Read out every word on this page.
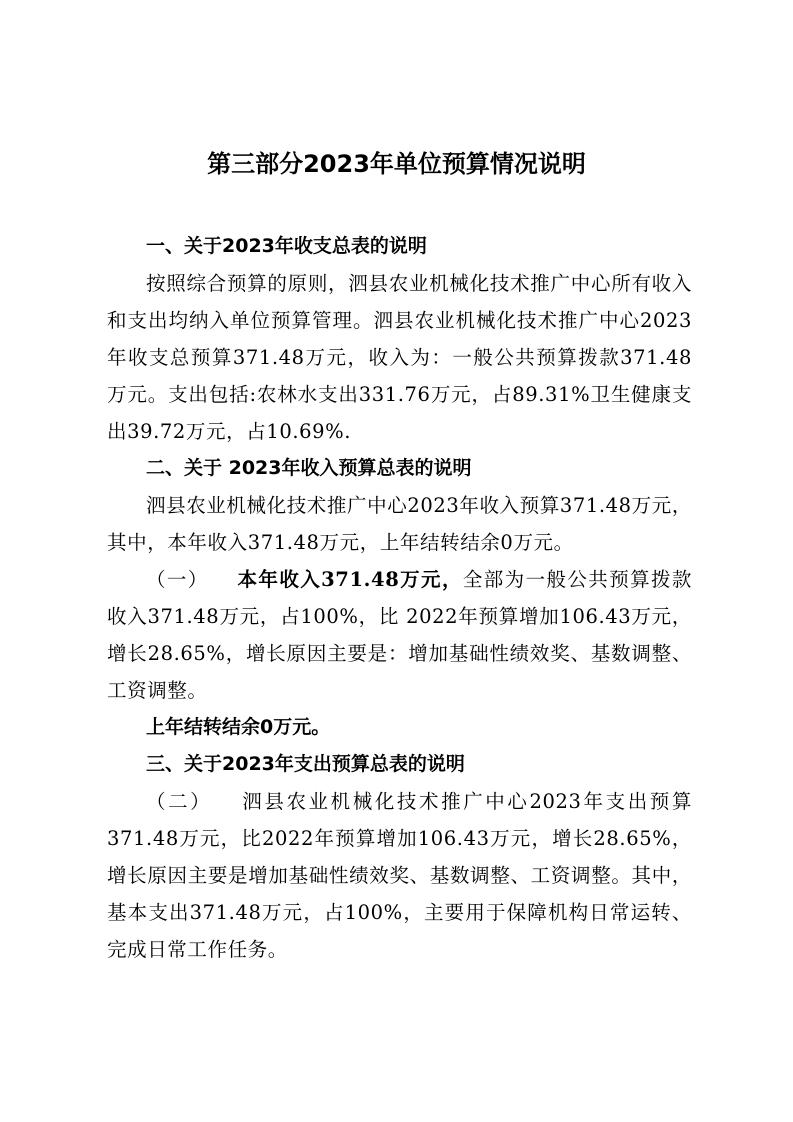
第三部分2023年单位预算情况说明
一、关于2023年收支总表的说明

按照综合预算的原则，泗县农业机械化技术推广中心所有收入和支出均纳入单位预算管理。泗县农业机械化技术推广中心2023年收支总预算371.48万元，收入为：一般公共预算拨款371.48万元。支出包括:农林水支出331.76万元，占89.31%卫生健康支出39.72万元，占10.69%.

二、关于 2023年收入预算总表的说明

泗县农业机械化技术推广中心2023年收入预算371.48万元，其中，本年收入371.48万元，上年结转结余0万元。

（一） 本年收入371.48万元，全部为一般公共预算拨款收入371.48万元，占100%，比 2022年预算增加106.43万元，增长28.65%，增长原因主要是：增加基础性绩效奖、基数调整、工资调整。

上年结转结余0万元。

三、关于2023年支出预算总表的说明

（二） 泗县农业机械化技术推广中心2023年支出预算371.48万元，比2022年预算增加106.43万元，增长28.65%，增长原因主要是增加基础性绩效奖、基数调整、工资调整。其中，基本支出371.48万元，占100%，主要用于保障机构日常运转、完成日常工作任务。
